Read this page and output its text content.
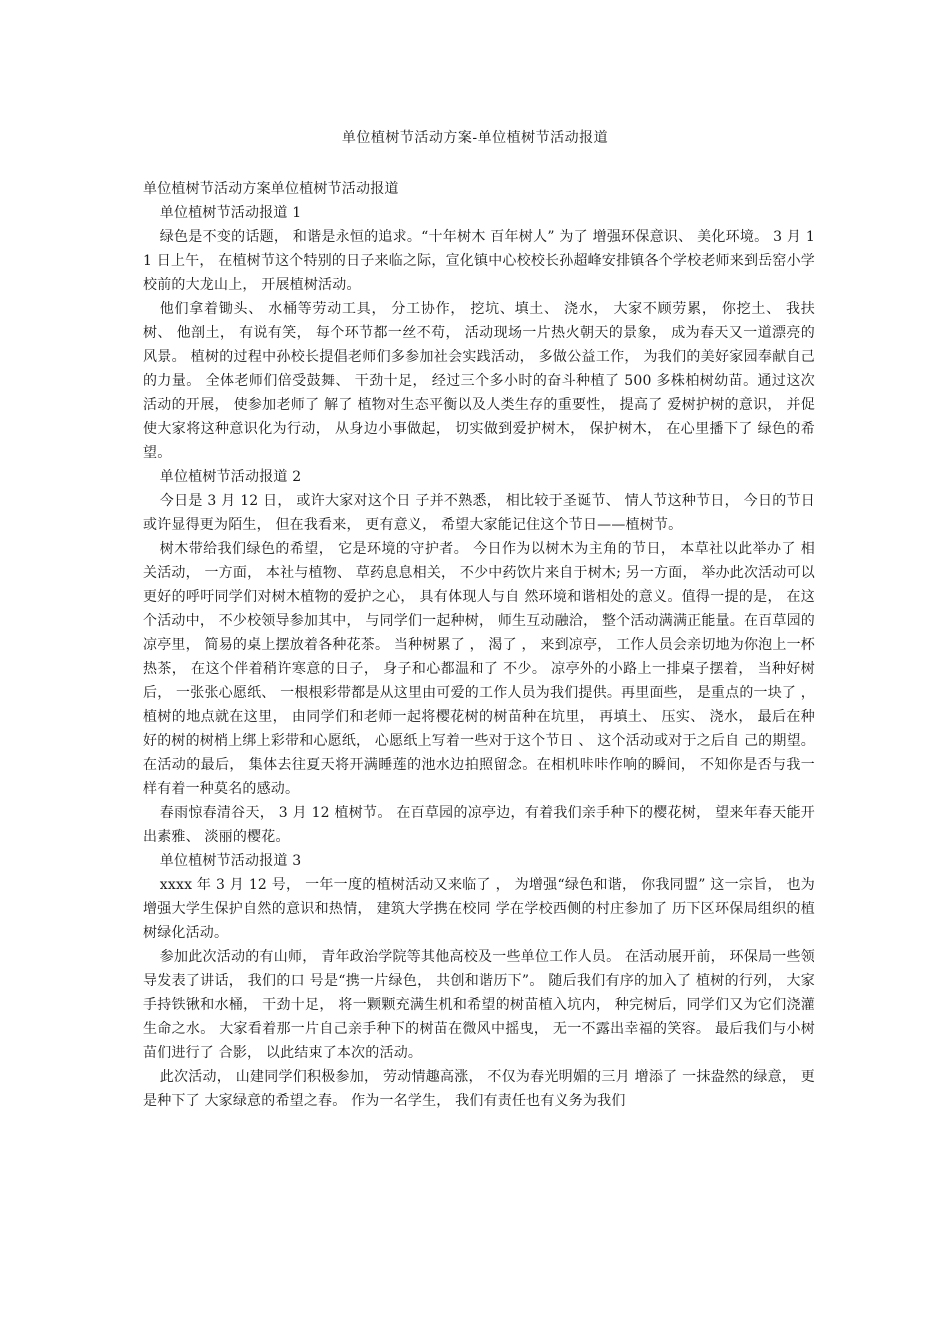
单位植树节活动方案-单位植树节活动报道

单位植树节活动方案单位植树节活动报道

单位植树节活动报道 1

绿色是不变的话题， 和谐是永恒的追求。“十年树木 百年树人” 为了 增强环保意识、 美化环境。 3 月 11 日上午， 在植树节这个特别的日子来临之际，宣化镇中心校校长孙超峰安排镇各个学校老师来到岳窑小学校前的大龙山上， 开展植树活动。

他们拿着锄头、 水桶等劳动工具， 分工协作， 挖坑、填土、 浇水， 大家不顾劳累， 你挖土、 我扶树、 他剖土， 有说有笑， 每个环节都一丝不苟， 活动现场一片热火朝天的景象， 成为春天又一道漂亮的风景。 植树的过程中孙校长提倡老师们多参加社会实践活动， 多做公益工作， 为我们的美好家园奉献自己的力量。 全体老师们倍受鼓舞、 干劲十足， 经过三个多小时的奋斗种植了 500 多株柏树幼苗。通过这次活动的开展， 使参加老师了 解了 植物对生态平衡以及人类生存的重要性， 提高了 爱树护树的意识， 并促使大家将这种意识化为行动， 从身边小事做起， 切实做到爱护树木， 保护树木， 在心里播下了 绿色的希望。

单位植树节活动报道 2

今日是 3 月 12 日， 或许大家对这个日 子并不熟悉， 相比较于圣诞节、 情人节这种节日， 今日的节日或许显得更为陌生， 但在我看来， 更有意义， 希望大家能记住这个节日——植树节。

树木带给我们绿色的希望， 它是环境的守护者。 今日作为以树木为主角的节日， 本草社以此举办了 相关活动， 一方面， 本社与植物、 草药息息相关， 不少中药饮片来自于树木; 另一方面， 举办此次活动可以更好的呼吁同学们对树木植物的爱护之心， 具有体现人与自 然环境和谐相处的意义。值得一提的是， 在这个活动中， 不少校领导参加其中， 与同学们一起种树， 师生互动融洽， 整个活动满满正能量。在百草园的凉亭里， 简易的桌上摆放着各种花茶。 当种树累了 ， 渴了 ， 来到凉亭， 工作人员会亲切地为你泡上一杯热茶， 在这个伴着稍许寒意的日子， 身子和心都温和了 不少。 凉亭外的小路上一排桌子摆着， 当种好树后， 一张张心愿纸、 一根根彩带都是从这里由可爱的工作人员为我们提供。再里面些， 是重点的一块了 ， 植树的地点就在这里， 由同学们和老师一起将樱花树的树苗种在坑里， 再填土、 压实、 浇水， 最后在种好的树的树梢上绑上彩带和心愿纸， 心愿纸上写着一些对于这个节日 、 这个活动或对于之后自 己的期望。在活动的最后， 集体去往夏天将开满睡莲的池水边拍照留念。在相机咔咔作响的瞬间， 不知你是否与我一样有着一种莫名的感动。

春雨惊春清谷天， 3 月 12 植树节。 在百草园的凉亭边，有着我们亲手种下的樱花树， 望来年春天能开出素雅、 淡丽的樱花。

单位植树节活动报道 3

xxxx 年 3 月 12 号， 一年一度的植树活动又来临了 ， 为增强“绿色和谐， 你我同盟” 这一宗旨， 也为增强大学生保护自然的意识和热情， 建筑大学携在校同 学在学校西侧的村庄参加了 历下区环保局组织的植树绿化活动。

参加此次活动的有山师， 青年政治学院等其他高校及一些单位工作人员。 在活动展开前， 环保局一些领导发表了讲话， 我们的口 号是“携一片绿色， 共创和谐历下”。 随后我们有序的加入了 植树的行列， 大家手持铁锹和水桶， 干劲十足， 将一颗颗充满生机和希望的树苗植入坑内， 种完树后，同学们又为它们浇灌生命之水。 大家看着那一片自己亲手种下的树苗在微风中摇曳， 无一不露出幸福的笑容。 最后我们与小树苗们进行了 合影， 以此结束了本次的活动。

此次活动， 山建同学们积极参加， 劳动情趣高涨， 不仅为春光明媚的三月 增添了 一抹盎然的绿意， 更是种下了 大家绿意的希望之春。 作为一名学生， 我们有责任也有义务为我们
